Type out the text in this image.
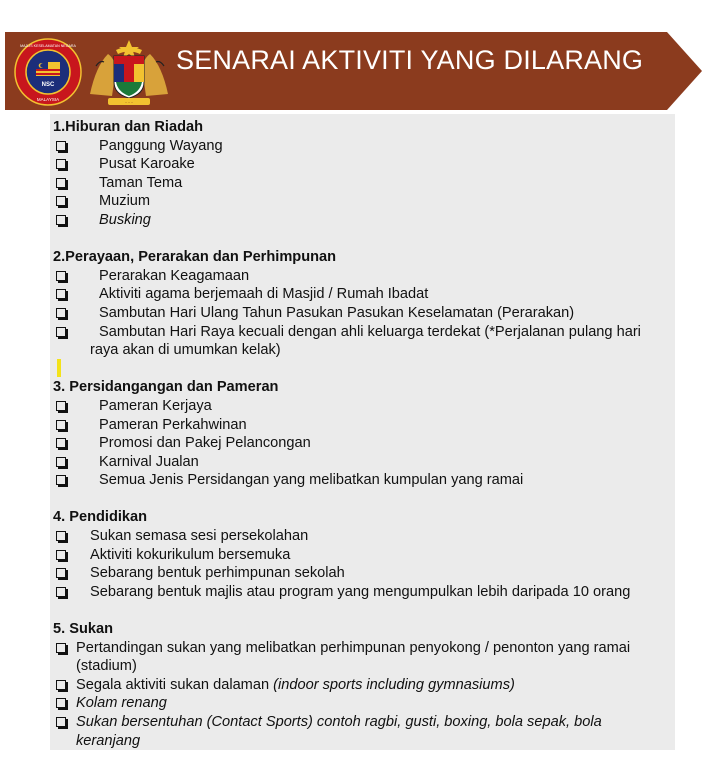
NSC
MALAYSIA
MAJLIS KESELAMATAN NEGARA
~ ~ ~
SENARAI AKTIVITI YANG DILARANG
1.Hiburan dan Riadah
Panggung Wayang
Pusat Karoake
Taman Tema
Muzium
Busking
2.Perayaan, Perarakan dan Perhimpunan
Perarakan Keagamaan
Aktiviti agama berjemaah di Masjid / Rumah Ibadat
Sambutan Hari Ulang Tahun Pasukan Pasukan Keselamatan (Perarakan)
Sambutan Hari Raya kecuali dengan ahli keluarga terdekat (*Perjalanan pulang hari
raya akan di umumkan kelak)
3. Persidangangan dan Pameran
Pameran Kerjaya
Pameran Perkahwinan
Promosi dan Pakej Pelancongan
Karnival Jualan
Semua Jenis Persidangan yang melibatkan kumpulan yang ramai
4. Pendidikan
Sukan semasa sesi persekolahan
Aktiviti kokurikulum bersemuka
Sebarang bentuk perhimpunan sekolah
Sebarang bentuk majlis atau program yang mengumpulkan lebih daripada 10 orang
5. Sukan
Pertandingan sukan yang melibatkan perhimpunan penyokong / penonton yang ramai
(stadium)
Segala aktiviti sukan dalaman (indoor sports including gymnasiums)
Kolam renang
Sukan bersentuhan (Contact Sports) contoh ragbi, gusti, boxing, bola sepak, bola
keranjang
